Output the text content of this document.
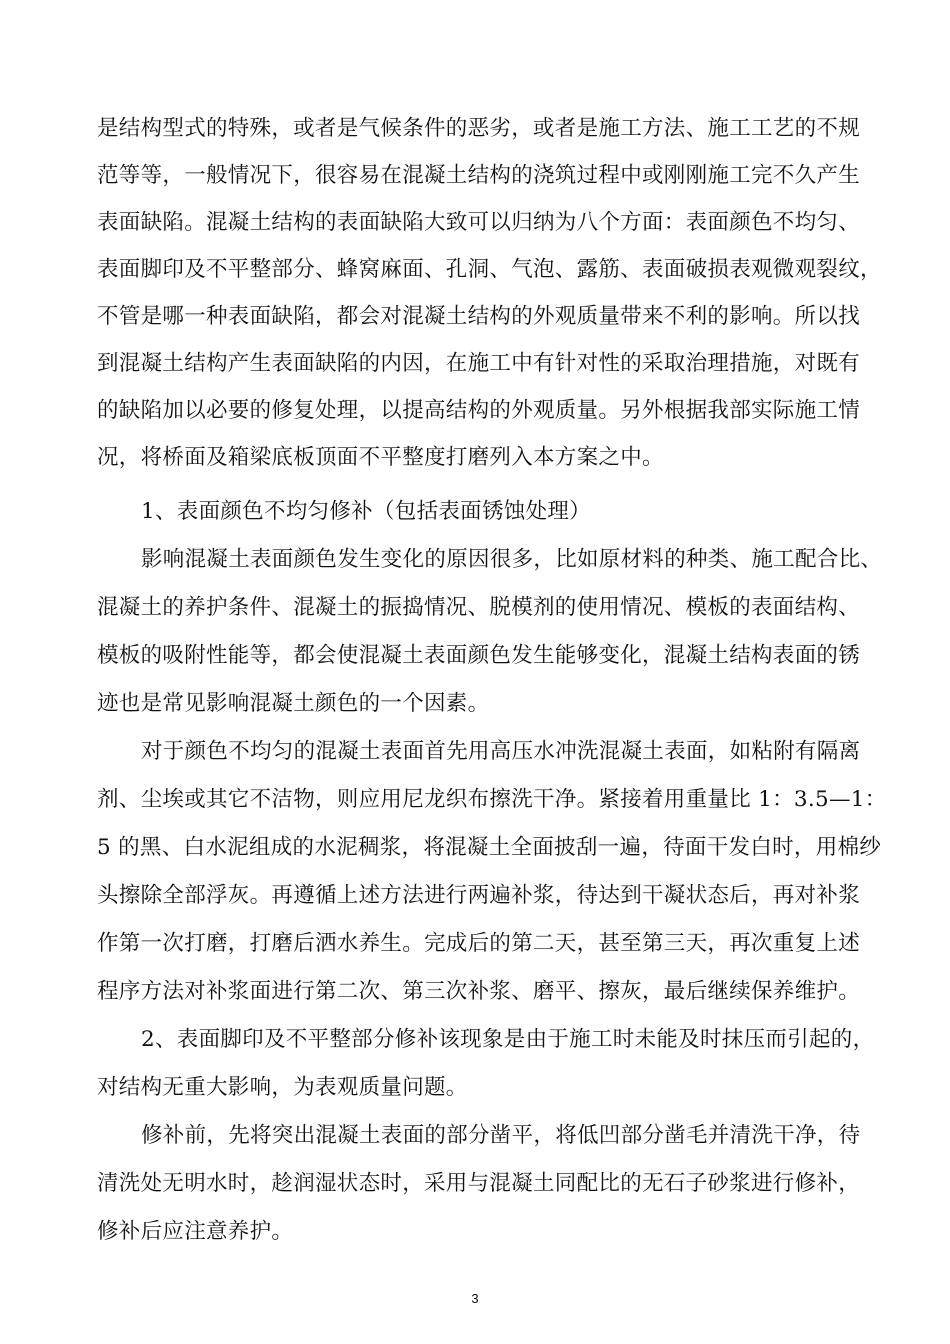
是结构型式的特殊，或者是气候条件的恶劣，或者是施工方法、施工工艺的不规
范等等，一般情况下，很容易在混凝土结构的浇筑过程中或刚刚施工完不久产生
表面缺陷。混凝土结构的表面缺陷大致可以归纳为八个方面：表面颜色不均匀、
表面脚印及不平整部分、蜂窝麻面、孔洞、气泡、露筋、表面破损表观微观裂纹，
不管是哪一种表面缺陷，都会对混凝土结构的外观质量带来不利的影响。所以找
到混凝土结构产生表面缺陷的内因，在施工中有针对性的采取治理措施，对既有
的缺陷加以必要的修复处理，以提高结构的外观质量。另外根据我部实际施工情
况，将桥面及箱梁底板顶面不平整度打磨列入本方案之中。
1、表面颜色不均匀修补（包括表面锈蚀处理）
影响混凝土表面颜色发生变化的原因很多，比如原材料的种类、施工配合比、
混凝土的养护条件、混凝土的振捣情况、脱模剂的使用情况、模板的表面结构、
模板的吸附性能等，都会使混凝土表面颜色发生能够变化，混凝土结构表面的锈
迹也是常见影响混凝土颜色的一个因素。
对于颜色不均匀的混凝土表面首先用高压水冲洗混凝土表面，如粘附有隔离
剂、尘埃或其它不洁物，则应用尼龙织布擦洗干净。紧接着用重量比 1：3.5—1：
5 的黑、白水泥组成的水泥稠浆，将混凝土全面披刮一遍，待面干发白时，用棉纱
头擦除全部浮灰。再遵循上述方法进行两遍补浆，待达到干凝状态后，再对补浆
作第一次打磨，打磨后洒水养生。完成后的第二天，甚至第三天，再次重复上述
程序方法对补浆面进行第二次、第三次补浆、磨平、擦灰，最后继续保养维护。
2、表面脚印及不平整部分修补该现象是由于施工时未能及时抹压而引起的，
对结构无重大影响，为表观质量问题。
修补前，先将突出混凝土表面的部分凿平，将低凹部分凿毛并清洗干净，待
清洗处无明水时，趁润湿状态时，采用与混凝土同配比的无石子砂浆进行修补，
修补后应注意养护。
3
